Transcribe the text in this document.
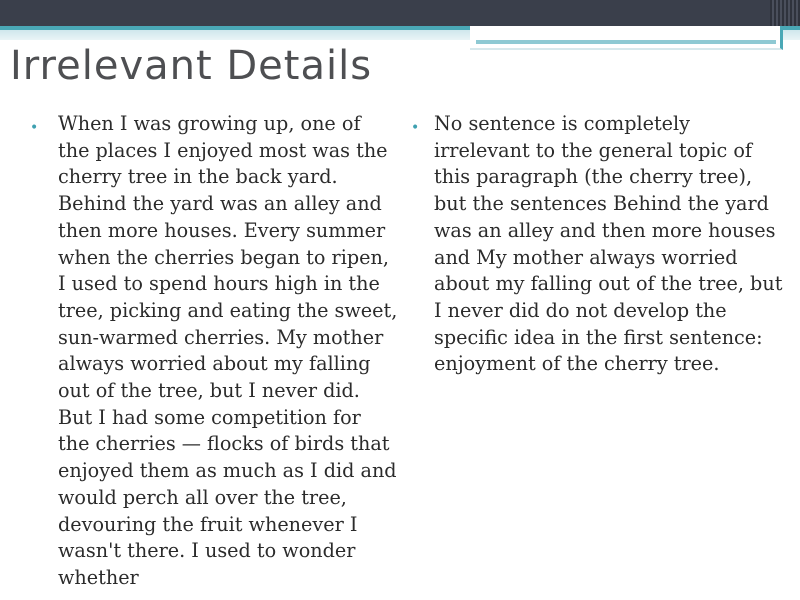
Irrelevant Details
• When I was growing up, one of the places I enjoyed most was the cherry tree in the back yard. Behind the yard was an alley and then more houses. Every summer when the cherries began to ripen, I used to spend hours high in the tree, picking and eating the sweet, sun-warmed cherries. My mother always worried about my falling out of the tree, but I never did. But I had some competition for the cherries — flocks of birds that enjoyed them as much as I did and would perch all over the tree, devouring the fruit whenever I wasn't there. I used to wonder whether

• No sentence is completely irrelevant to the general topic of this paragraph (the cherry tree), but the sentences Behind the yard was an alley and then more houses and My mother always worried about my falling out of the tree, but I never did do not develop the specific idea in the first sentence: enjoyment of the cherry tree.
